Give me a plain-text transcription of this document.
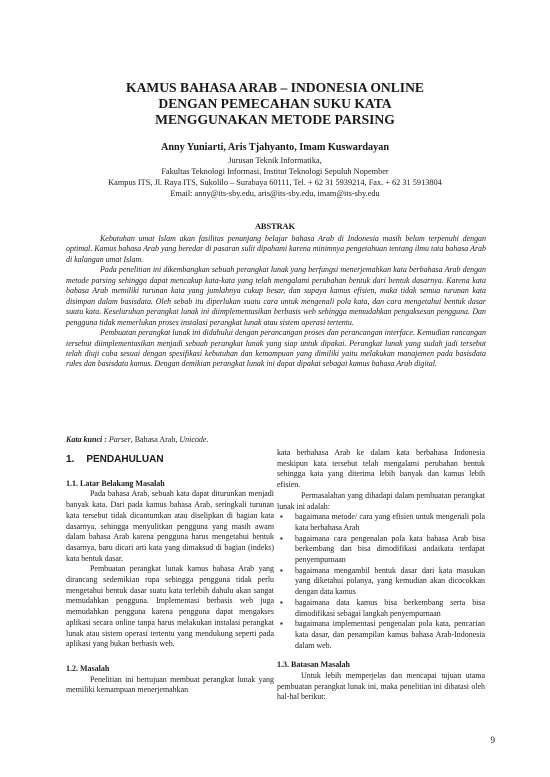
KAMUS BAHASA ARAB – INDONESIA ONLINE
DENGAN PEMECAHAN SUKU KATA
MENGGUNAKAN METODE PARSING
Anny Yuniarti, Aris Tjahyanto, Imam Kuswardayan
Jurusan Teknik Informatika,
Fakultas Teknologi Informasi, Institut Teknologi Sepuluh Nopember
Kampus ITS, Jl. Raya ITS, Sukolilo – Surabaya 60111, Tel. + 62 31 5939214, Fax. + 62 31 5913804
Email: anny@its-sby.edu, aris@its-sby.edu, imam@its-sby.edu
ABSTRAK

Kebutuhan umat Islam akan fasilitas penunjang belajar bahasa Arab di Indonesia masih belum terpenuhi dengan optimal. Kamus bahasa Arab yang beredar di pasaran sulit dipahami karena minimnya pengetahuan tentang ilmu tata bahasa Arab di kalangan umat Islam.

Pada penelitian ini dikembangkan sebuah perangkat lunak yang berfungsi menerjemahkan kata berbahasa Arab dengan metode parsing sehingga dapat mencakup kata-kata yang telah mengalami perubahan bentuk dari bentuk dasarnya. Karena kata bahasa Arab memiliki turunan kata yang jumlahnya cukup besar, dan supaya kamus efisien, maka tidak semua turunan kata disimpan dalam basisdata. Oleh sebab itu diperlukan suatu cara untuk mengenali pola kata, dan cara mengetahui bentuk dasar suatu kata. Keseluruhan perangkat lunak ini diimplementasikan berbasis web sehingga memudahkan pengaksesan pengguna. Dan pengguna tidak memerlukan proses instalasi perangkat lunak atau sistem operasi tertentu.

Pembuatan perangkat lunak ini didahului dengan perancangan proses dan perancangan interface. Kemudian rancangan tersebut diimplementasikan menjadi sebuah perangkat lunak yang siap untuk dipakai. Perangkat lunak yang sudah jadi tersebut telah diuji coba sesuai dengan spesifikasi kebutuhan dan kemampuan yang dimiliki yaitu melakukan manajemen pada basisdata rules dan basisdata kamus. Dengan demikian perangkat lunak ini dapat dipakai sebagai kamus bahasa Arab digital.

Kata kunci : Parser, Bahasa Arab, Unicode.
1. PENDAHULUAN

1.1. Latar Belakang Masalah

Pada bahasa Arab, sebuah kata dapat diturunkan menjadi banyak kata. Dari pada kamus bahasa Arab, seringkali turunan kata tersebut tidak dicantumkan atau diselipkan di bagian kata dasarnya, sehingga menyulitkan pengguna yang masih awam dalam bahasa Arab karena pengguna harus mengetahui bentuk dasarnya, baru dicari arti kata yang dimaksud di bagian (indeks) kata bentuk dasar.

Pembuatan perangkat lunak kamus bahasa Arab yang dirancang sedemikian rupa sehingga pengguna tidak perlu mengetahui bentuk dasar suatu kata terlebih dahulu akan sangat memudahkan pengguna. Implementasi berbasis web juga memudahkan pengguna karena pengguna dapat mengakses aplikasi secara online tanpa harus melakukan instalasi perangkat lunak atau sistem operasi tertentu yang mendukung seperti pada aplikasi yang bukan berbasis web.

1.2. Masalah

Penelitian ini bertujuan membuat perangkat lunak yang memiliki kemampuan menerjemahkan

kata berbahasa Arab ke dalam kata berbahasa Indonesia meskipun kata tersebut telah mengalami perubahan bentuk sehingga kata yang diterima lebih banyak dan kamus lebih efisien.

Permasalahan yang dihadapi dalam pembuatan perangkat lunak ini adalah:

▪ bagaimana metode/ cara yang efisien untuk mengenali pola kata berbahasa Arab
▪ bagaimana cara pengenalan pola kata bahasa Arab bisa berkembang dan bisa dimodifikasi andaikata terdapat penyempurnaan
▪ bagaimana mengambil bentuk dasar dari kata masukan yang diketahui polanya, yang kemudian akan dicocokkan dengan data kamus
▪ bagaimana data kamus bisa berkembang serta bisa dimodifikasi sebagai langkah penyempurnaan
▪ bagaimana implementasi pengenalan pola kata, pencarian kata dasar, dan penampilan kamus bahasa Arab-Indonesia dalam web.

1.3. Batasan Masalah

Untuk lebih memperjelas dan mencapai tujuan utama pembuatan perangkat lunak ini, maka penelitian ini dibatasi oleh hal-hal berikut:

9
